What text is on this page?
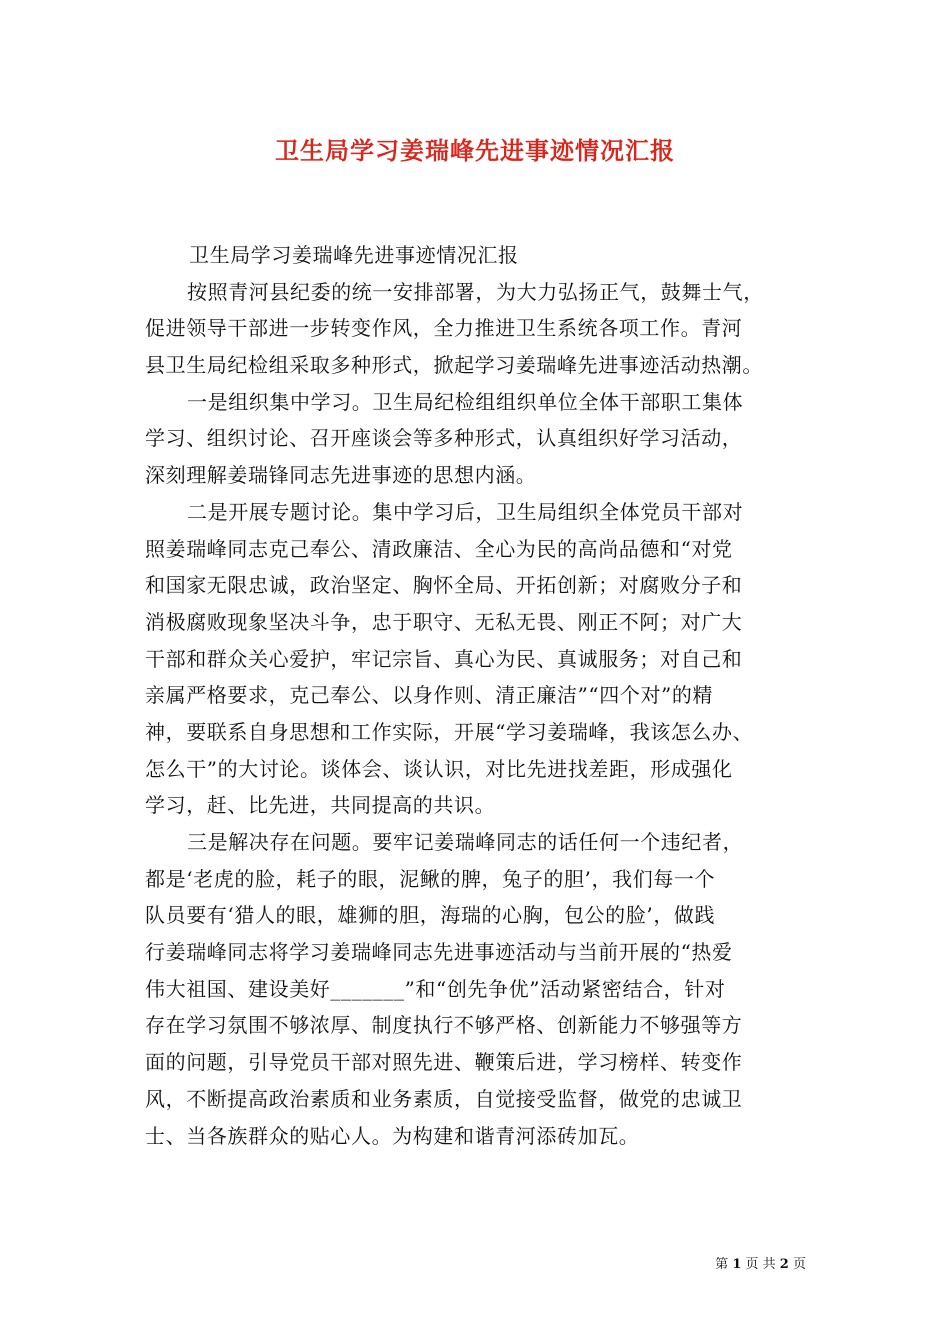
卫生局学习姜瑞峰先进事迹情况汇报
卫生局学习姜瑞峰先进事迹情况汇报
按照青河县纪委的统一安排部署，为大力弘扬正气，鼓舞士气，
促进领导干部进一步转变作风，全力推进卫生系统各项工作。青河
县卫生局纪检组采取多种形式，掀起学习姜瑞峰先进事迹活动热潮。
一是组织集中学习。卫生局纪检组组织单位全体干部职工集体
学习、组织讨论、召开座谈会等多种形式，认真组织好学习活动，
深刻理解姜瑞锋同志先进事迹的思想内涵。
二是开展专题讨论。集中学习后，卫生局组织全体党员干部对
照姜瑞峰同志克己奉公、清政廉洁、全心为民的高尚品德和“对党
和国家无限忠诚，政治坚定、胸怀全局、开拓创新；对腐败分子和
消极腐败现象坚决斗争，忠于职守、无私无畏、刚正不阿；对广大
干部和群众关心爱护，牢记宗旨、真心为民、真诚服务；对自己和
亲属严格要求，克己奉公、以身作则、清正廉洁”“四个对”的精
神，要联系自身思想和工作实际，开展“学习姜瑞峰，我该怎么办、
怎么干”的大讨论。谈体会、谈认识，对比先进找差距，形成强化
学习，赶、比先进，共同提高的共识。
三是解决存在问题。要牢记姜瑞峰同志的话任何一个违纪者，
都是‘老虎的脸，耗子的眼，泥鳅的脾，兔子的胆’，我们每一个
队员要有‘猎人的眼，雄狮的胆，海瑞的心胸，包公的脸’，做践
行姜瑞峰同志将学习姜瑞峰同志先进事迹活动与当前开展的“热爱
伟大祖国、建设美好_______”和“创先争优”活动紧密结合，针对
存在学习氛围不够浓厚、制度执行不够严格、创新能力不够强等方
面的问题，引导党员干部对照先进、鞭策后进，学习榜样、转变作
风，不断提高政治素质和业务素质，自觉接受监督，做党的忠诚卫
士、当各族群众的贴心人。为构建和谐青河添砖加瓦。
第 1 页 共 2 页
